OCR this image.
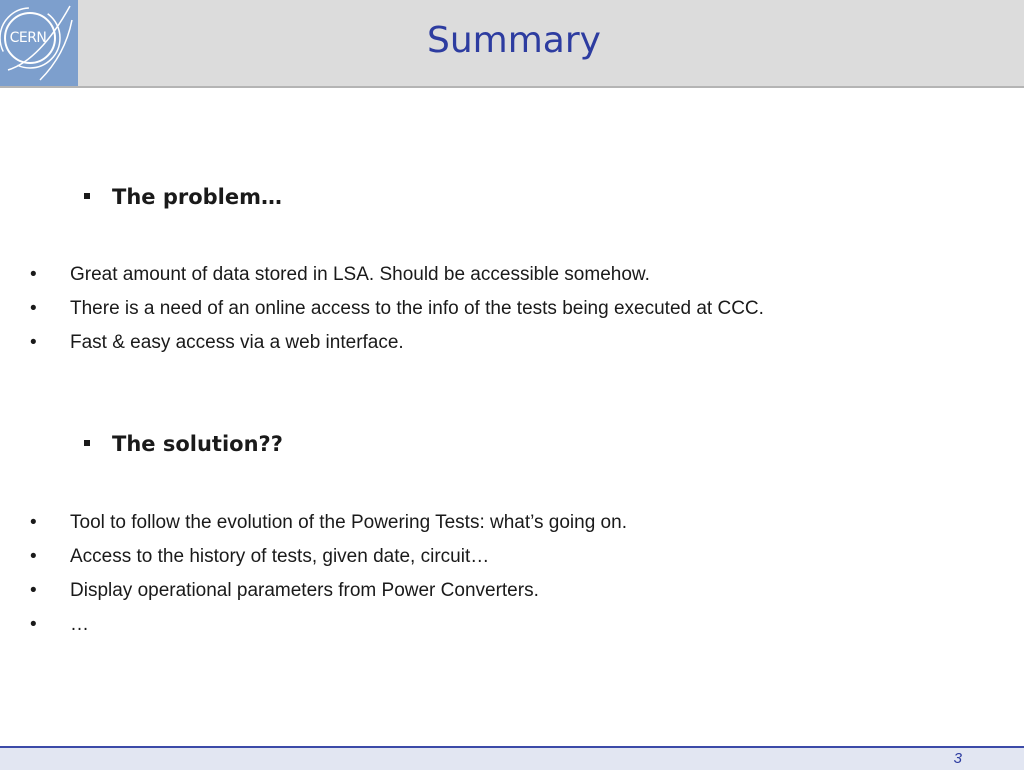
CERN	Summary
The problem…
• Great amount of data stored in LSA. Should be accessible somehow.
• There is a need of an online access to the info of the tests being executed at CCC.
• Fast & easy access via a web interface.
The solution??
• Tool to follow the evolution of the Powering Tests: what’s going on.
• Access to the history of tests, given date, circuit…
• Display operational parameters from Power Converters.
• …
3
